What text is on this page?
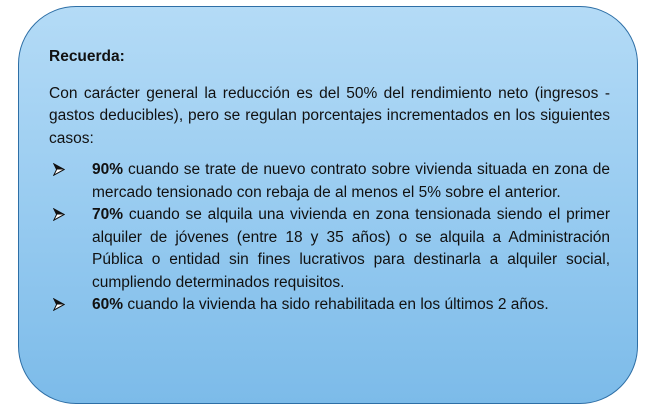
Recuerda:

Con carácter general la reducción es del 50% del rendimiento neto (ingresos -gastos deducibles), pero se regulan porcentajes incrementados en los siguientes casos:

90% cuando se trate de nuevo contrato sobre vivienda situada en zona de mercado tensionado con rebaja de al menos el 5% sobre el anterior.
70% cuando se alquila una vivienda en zona tensionada siendo el primer alquiler de jóvenes (entre 18 y 35 años) o se alquila a Administración Pública o entidad sin fines lucrativos para destinarla a alquiler social, cumpliendo determinados requisitos.
60% cuando la vivienda ha sido rehabilitada en los últimos 2 años.
